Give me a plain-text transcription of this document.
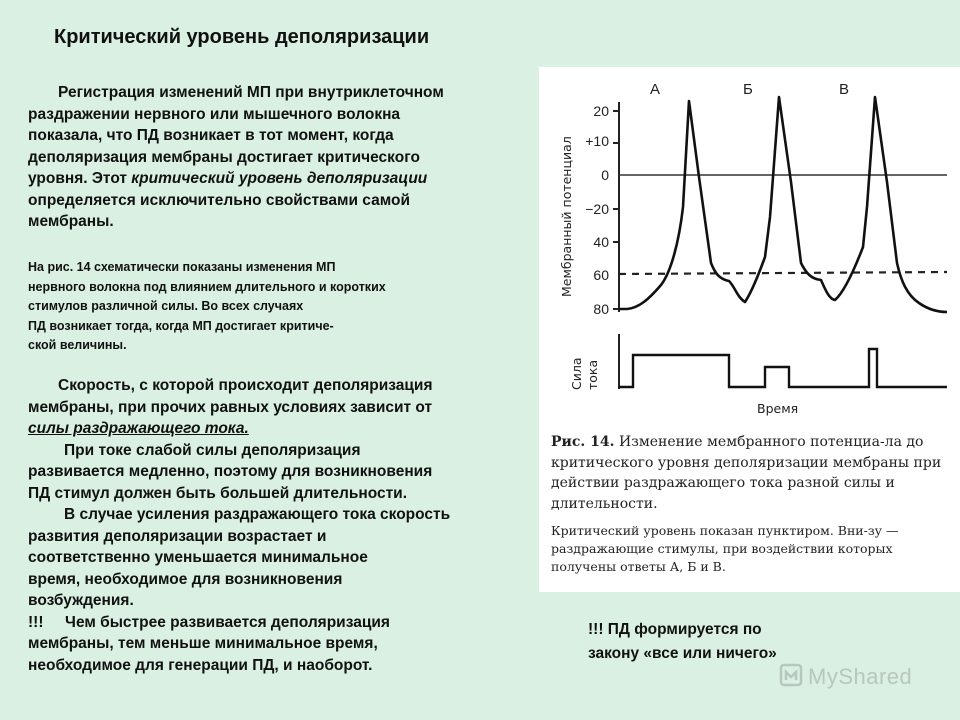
Критический уровень деполяризации
Регистрация изменений МП при внутриклеточном
раздражении нервного или мышечного волокна
показала, что ПД возникает в тот момент, когда
деполяризация мембраны достигает критического
уровня. Этот критический уровень деполяризации
определяется исключительно свойствами самой
мембраны.
На рис. 14 схематически показаны изменения МП
нервного волокна под влиянием длительного и коротких
стимулов различной силы. Во всех случаях
ПД возникает тогда, когда МП достигает критиче-
ской величины.
Скорость, с которой происходит деполяризация
мембраны, при прочих равных условиях зависит от
силы раздражающего тока.
При токе слабой силы деполяризация
развивается медленно, поэтому для возникновения
ПД стимул должен быть большей длительности.
В случае усиления раздражающего тока скорость
развития деполяризации возрастает и
соответственно уменьшается минимальное
время, необходимое для возникновения
возбуждения.
!!! Чем быстрее развивается деполяризация
мембраны, тем меньше минимальное время,
необходимое для генерации ПД, и наоборот.
Мембранный потенциал
А	Б	В
20
+10
0
−20
40
60
80
Сила тока
Время

Рис. 14. Изменение мембранного потенциа-ла до критического уровня деполяризации мембраны при действии раздражающего тока разной силы и длительности.

Критический уровень показан пунктиром. Вни-зу — раздражающие стимулы, при воздействии которых получены ответы А, Б и В.

!!! ПД формируется по
закону «все или ничего»
MyShared
